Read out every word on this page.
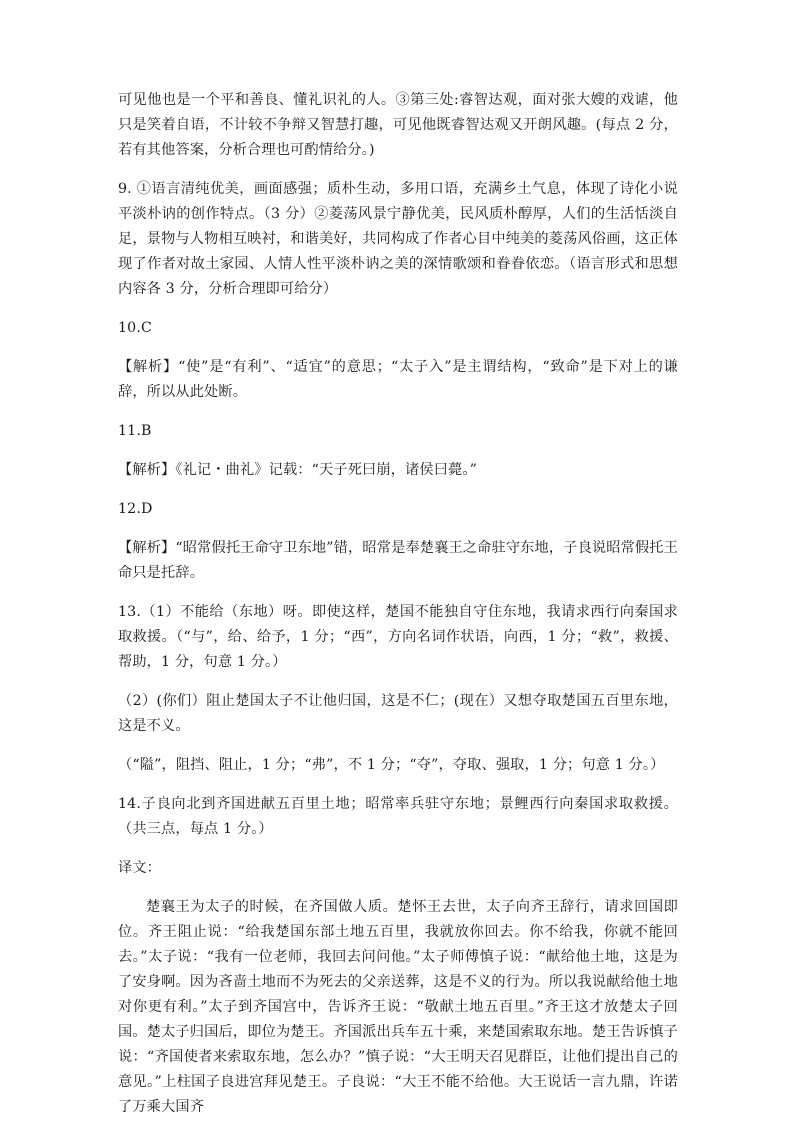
可见他也是一个平和善良、懂礼识礼的人。③第三处:睿智达观，面对张大嫂的戏谑，他只是笑着自语，不计较不争辩又智慧打趣，可见他既睿智达观又开朗风趣。(每点 2 分，若有其他答案，分析合理也可酌情给分。)

9. ①语言清纯优美，画面感强；质朴生动，多用口语，充满乡土气息，体现了诗化小说平淡朴讷的创作特点。（3 分）②菱荡风景宁静优美，民风质朴醇厚，人们的生活恬淡自足，景物与人物相互映衬，和谐美好，共同构成了作者心目中纯美的菱荡风俗画，这正体现了作者对故土家园、人情人性平淡朴讷之美的深情歌颂和眷眷依恋。（语言形式和思想内容各 3 分，分析合理即可给分）

10.C

【解析】“使”是“有利”、“适宜”的意思；“太子入”是主谓结构，“致命”是下对上的谦辞，所以从此处断。

11.B

【解析】《礼记・曲礼》记载：“天子死曰崩，诸侯曰薨。”

12.D

【解析】“昭常假托王命守卫东地”错，昭常是奉楚襄王之命驻守东地，子良说昭常假托王命只是托辞。

13.（1）不能给（东地）呀。即使这样，楚国不能独自守住东地，我请求西行向秦国求取救援。（“与”，给、给予，1 分；“西”，方向名词作状语，向西，1 分；“救”，救援、帮助，1 分，句意 1 分。）

（2）(你们）阻止楚国太子不让他归国，这是不仁；(现在）又想夺取楚国五百里东地，这是不义。

（“隘”，阻挡、阻止，1 分；“弗”，不 1 分；“夺”，夺取、强取，1 分；句意 1 分。）

14.子良向北到齐国进献五百里土地；昭常率兵驻守东地；景鲤西行向秦国求取救援。（共三点，每点 1 分。）

译文：

楚襄王为太子的时候，在齐国做人质。楚怀王去世，太子向齐王辞行，请求回国即位。齐王阻止说：“给我楚国东部土地五百里，我就放你回去。你不给我，你就不能回去。”太子说：“我有一位老师，我回去问问他。”太子师傅慎子说：“献给他土地，这是为了安身啊。因为吝啬土地而不为死去的父亲送葬，这是不义的行为。所以我说献给他土地对你更有利。”太子到齐国宫中，告诉齐王说：“敬献土地五百里。”齐王这才放楚太子回国。楚太子归国后，即位为楚王。齐国派出兵车五十乘，来楚国索取东地。楚王告诉慎子说：“齐国使者来索取东地，怎么办？”慎子说：“大王明天召见群臣，让他们提出自己的意见。”上柱国子良进宫拜见楚王。子良说：“大王不能不给他。大王说话一言九鼎，许诺了万乘大国齐
